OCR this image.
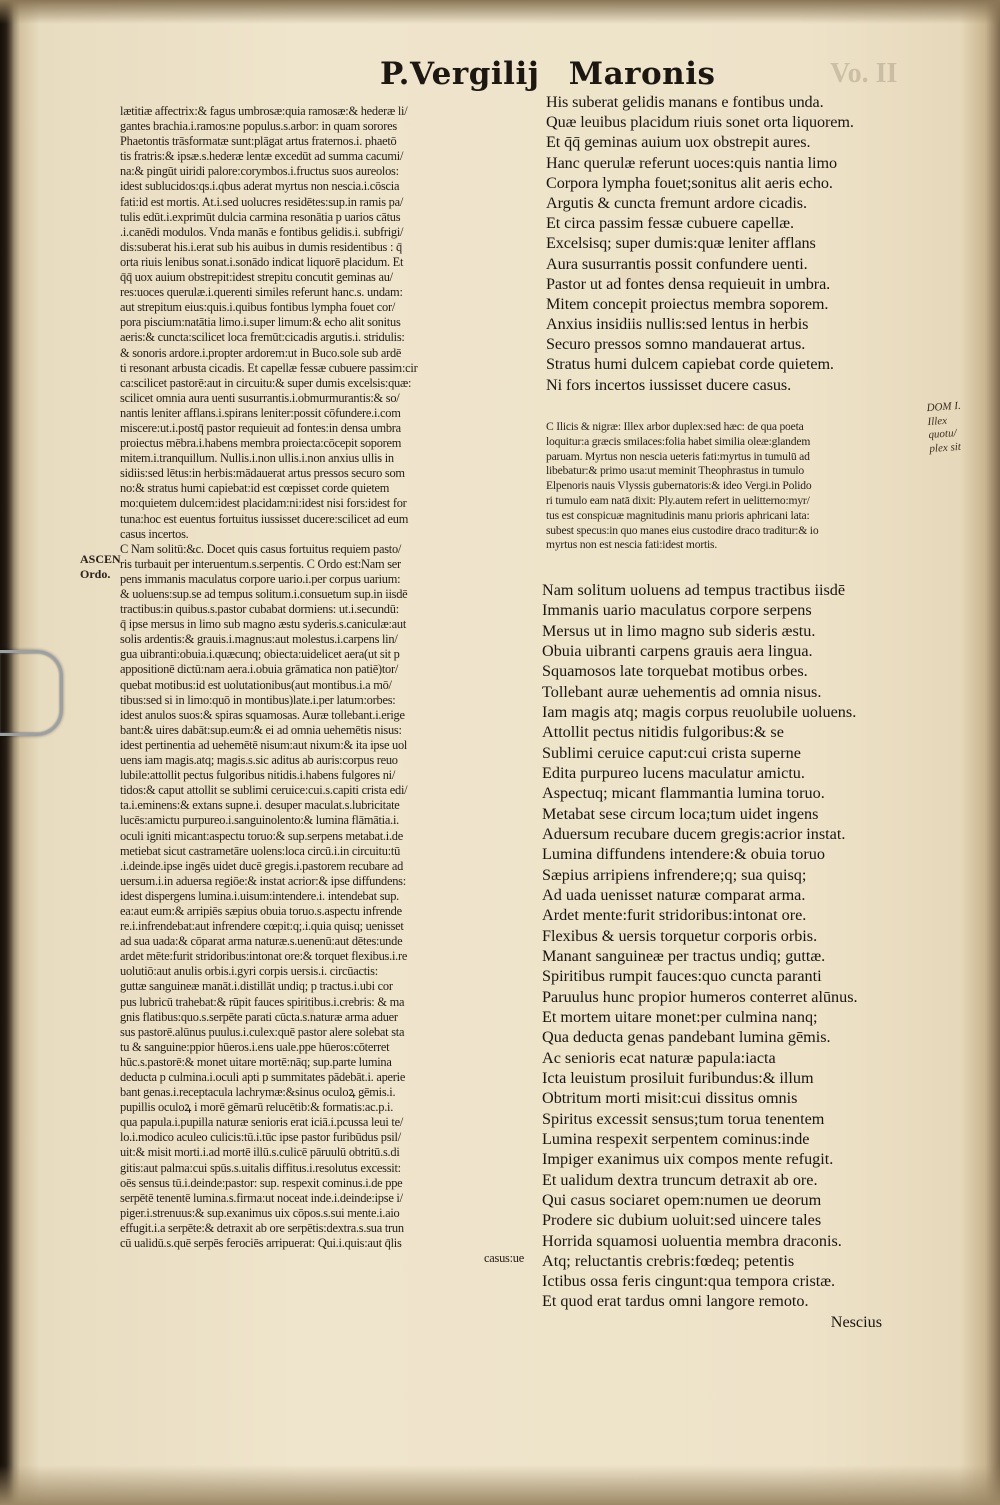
Vo. II
P.Vergilij Maronis
ASCEN
Ordo.
DOM I.
Illex
quotu/
plex sit
lætitiæ affectrix:& fagus umbrosæ:quia ramosæ:& hederæ li/
gantes brachia.i.ramos:ne populus.s.arbor: in quam sorores
Phaetontis trāsformatæ sunt:plāgat artus fraternos.i. phaetō
tis fratris:& ipsæ.s.hederæ lentæ excedūt ad summa cacumi/
na:& pingūt uiridi palore:corymbos.i.fructus suos aureolos:
idest sublucidos:qs.i.qbus aderat myrtus non nescia.i.cōscia
fati:id est mortis. At.i.sed uolucres residētes:sup.in ramis pa/
tulis edūt.i.exprimūt dulcia carmina resonātia p uarios cātus
.i.canēdi modulos. Vnda manās e fontibus gelidis.i. subfrigi/
dis:suberat his.i.erat sub his auibus in dumis residentibus : q̄
orta riuis lenibus sonat.i.sonādo indicat liquorē placidum. Et
q̄q̄ uox auium obstrepit:idest strepitu concutit geminas au/
res:uoces querulæ.i.querenti similes referunt hanc.s. undam:
aut strepitum eius:quis.i.quibus fontibus lympha fouet cor/
pora piscium:natātia limo.i.super limum:& echo alit sonitus
aeris:& cuncta:scilicet loca fremūt:cicadis argutis.i. stridulis:
& sonoris ardore.i.propter ardorem:ut in Buco.sole sub ardē
ti resonant arbusta cicadis. Et capellæ fessæ cubuere passim:cir
ca:scilicet pastorē:aut in circuitu:& super dumis excelsis:quæ:
scilicet omnia aura uenti susurrantis.i.obmurmurantis:& so/
nantis leniter afflans.i.spirans leniter:possit cōfundere.i.com
miscere:ut.i.postq̄ pastor requieuit ad fontes:in densa umbra
proiectus mēbra.i.habens membra proiecta:cōcepit soporem
mitem.i.tranquillum. Nullis.i.non ullis.i.non anxius ullis in
sidiis:sed lētus:in herbis:mādauerat artus pressos securo som
no:& stratus humi capiebat:id est cœpisset corde quietem
mo:quietem dulcem:idest placidam:ni:idest nisi fors:idest for
tuna:hoc est euentus fortuitus iussisset ducere:scilicet ad eum
casus incertos.
C Nam solitū:&c. Docet quis casus fortuitus requiem pasto/
ris turbauit per interuentum.s.serpentis. C Ordo est:Nam ser
pens immanis maculatus corpore uario.i.per corpus uarium:
& uoluens:sup.se ad tempus solitum.i.consuetum sup.in iisdē
tractibus:in quibus.s.pastor cubabat dormiens: ut.i.secundū:
q̄ ipse mersus in limo sub magno æstu syderis.s.caniculæ:aut
solis ardentis:& grauis.i.magnus:aut molestus.i.carpens lin/
gua uibranti:obuia.i.quæcunq; obiecta:uidelicet aera(ut sit p
appositionē dictū:nam aera.i.obuia grāmatica non patiē)tor/
quebat motibus:id est uolutationibus(aut montibus.i.a mō/
tibus:sed si in limo:quō in montibus)late.i.per latum:orbes:
idest anulos suos:& spiras squamosas. Auræ tollebant.i.erige
bant:& uires dabāt:sup.eum:& ei ad omnia uehemētis nisus:
idest pertinentia ad uehemētē nisum:aut nixum:& ita ipse uol
uens iam magis.atq; magis.s.sic aditus ab auris:corpus reuo
lubile:attollit pectus fulgoribus nitidis.i.habens fulgores ni/
tidos:& caput attollit se sublimi ceruice:cui.s.capiti crista edi/
ta.i.eminens:& extans supne.i. desuper maculat.s.lubricitate
lucēs:amictu purpureo.i.sanguinolento:& lumina flāmātia.i.
oculi igniti micant:aspectu toruo:& sup.serpens metabat.i.de
metiebat sicut castrametāre uolens:loca circū.i.in circuitu:tū
.i.deinde.ipse ingēs uidet ducē gregis.i.pastorem recubare ad
uersum.i.in aduersa regiōe:& instat acrior:& ipse diffundens:
idest dispergens lumina.i.uisum:intendere.i. intendebat sup.
ea:aut eum:& arripiēs sæpius obuia toruo.s.aspectu infrende
re.i.infrendebat:aut infrendere cœpit:q;.i.quia quisq; uenisset
ad sua uada:& cōparat arma naturæ.s.uenenū:aut dētes:unde
ardet mēte:furit stridoribus:intonat ore:& torquet flexibus.i.re
uolutiō:aut anulis orbis.i.gyri corpis uersis.i. circūactis:
guttæ sanguineæ manāt.i.distillāt undiq; p tractus.i.ubi cor
pus lubricū trahebat:& rūpit fauces spiritibus.i.crebris: & ma
gnis flatibus:quo.s.serpēte parati cūcta.s.naturæ arma aduer
sus pastorē.alūnus puulus.i.culex:quē pastor alere solebat sta
tu & sanguine:ppior hūeros.i.ens uale.ppe hūeros:cōterret
hūc.s.pastorē:& monet uitare mortē:nāq; sup.parte lumina
deducta p culmina.i.oculi apti p summitates pādebāt.i. aperie
bant genas.i.receptacula lachrymæ:&sinus oculoꝝ gēmis.i.
pupillis oculoꝝ i morē gēmarū relucētib:& formatis:ac.p.i.
qua papula.i.pupilla naturæ senioris erat iciā.i.pcussa leui te/
lo.i.modico aculeo culicis:tū.i.tūc ipse pastor furibūdus psil/
uit:& misit morti.i.ad mortē illū.s.culicē pāruulū obtritū.s.di
gitis:aut palma:cui spūs.s.uitalis diffitus.i.resolutus excessit:
oēs sensus tū.i.deinde:pastor: sup. respexit cominus.i.de ppe
serpētē tenentē lumina.s.firma:ut noceat inde.i.deinde:ipse i/
piger.i.strenuus:& sup.exanimus uix cōpos.s.sui mente.i.aio
effugit.i.a serpēte:& detraxit ab ore serpētis:dextra.s.sua trun
cū ualidū.s.quē serpēs ferociēs arripuerat: Qui.i.quis:aut q̄lis
casus:ue
His suberat gelidis manans e fontibus unda.
Quæ leuibus placidum riuis sonet orta liquorem.
Et q̄q̄ geminas auium uox obstrepit aures.
Hanc querulæ referunt uoces:quis nantia limo
Corpora lympha fouet;sonitus alit aeris echo.
Argutis & cuncta fremunt ardore cicadis.
Et circa passim fessæ cubuere capellæ.
Excelsisq; super dumis:quæ leniter afflans
Aura susurrantis possit confundere uenti.
Pastor ut ad fontes densa requieuit in umbra.
Mitem concepit proiectus membra soporem.
Anxius insidiis nullis:sed lentus in herbis
Securo pressos somno mandauerat artus.
Stratus humi dulcem capiebat corde quietem.
Ni fors incertos iussisset ducere casus.
C Ilicis & nigræ: Illex arbor duplex:sed hæc: de qua poeta
loquitur:a græcis smilaces:folia habet similia oleæ:glandem
paruam. Myrtus non nescia ueteris fati:myrtus in tumulū ad
libebatur:& primo usa:ut meminit Theophrastus in tumulo
Elpenoris nauis Vlyssis gubernatoris:& ideo Vergi.in Polido
ri tumulo eam natā dixit: Ply.autem refert in uelitterno:myr/
tus est conspicuæ magnitudinis manu prioris aphricani lata:
subest specus:in quo manes eius custodire draco traditur:& io
myrtus non est nescia fati:idest mortis.
Nam solitum uoluens ad tempus tractibus iisdē
Immanis uario maculatus corpore serpens
Mersus ut in limo magno sub sideris æstu.
Obuia uibranti carpens grauis aera lingua.
Squamosos late torquebat motibus orbes.
Tollebant auræ uehementis ad omnia nisus.
Iam magis atq; magis corpus reuolubile uoluens.
Attollit pectus nitidis fulgoribus:& se
Sublimi ceruice caput:cui crista superne
Edita purpureo lucens maculatur amictu.
Aspectuq; micant flammantia lumina toruo.
Metabat sese circum loca;tum uidet ingens
Aduersum recubare ducem gregis:acrior instat.
Lumina diffundens intendere:& obuia toruo
Sæpius arripiens infrendere;q; sua quisq;
Ad uada uenisset naturæ comparat arma.
Ardet mente:furit stridoribus:intonat ore.
Flexibus & uersis torquetur corporis orbis.
Manant sanguineæ per tractus undiq; guttæ.
Spiritibus rumpit fauces:quo cuncta paranti
Paruulus hunc propior humeros conterret alūnus.
Et mortem uitare monet:per culmina nanq;
Qua deducta genas pandebant lumina gēmis.
Ac senioris ecat naturæ papula:iacta
Icta leuistum prosiluit furibundus:& illum
Obtritum morti misit:cui dissitus omnis
Spiritus excessit sensus;tum torua tenentem
Lumina respexit serpentem cominus:inde
Impiger exanimus uix compos mente refugit.
Et ualidum dextra truncum detraxit ab ore.
Qui casus sociaret opem:numen ue deorum
Prodere sic dubium uoluit:sed uincere tales
Horrida squamosi uoluentia membra draconis.
Atq; reluctantis crebris:fœdeq; petentis
Ictibus ossa feris cingunt:qua tempora cristæ.
Et quod erat tardus omni langore remoto.
Nescius
